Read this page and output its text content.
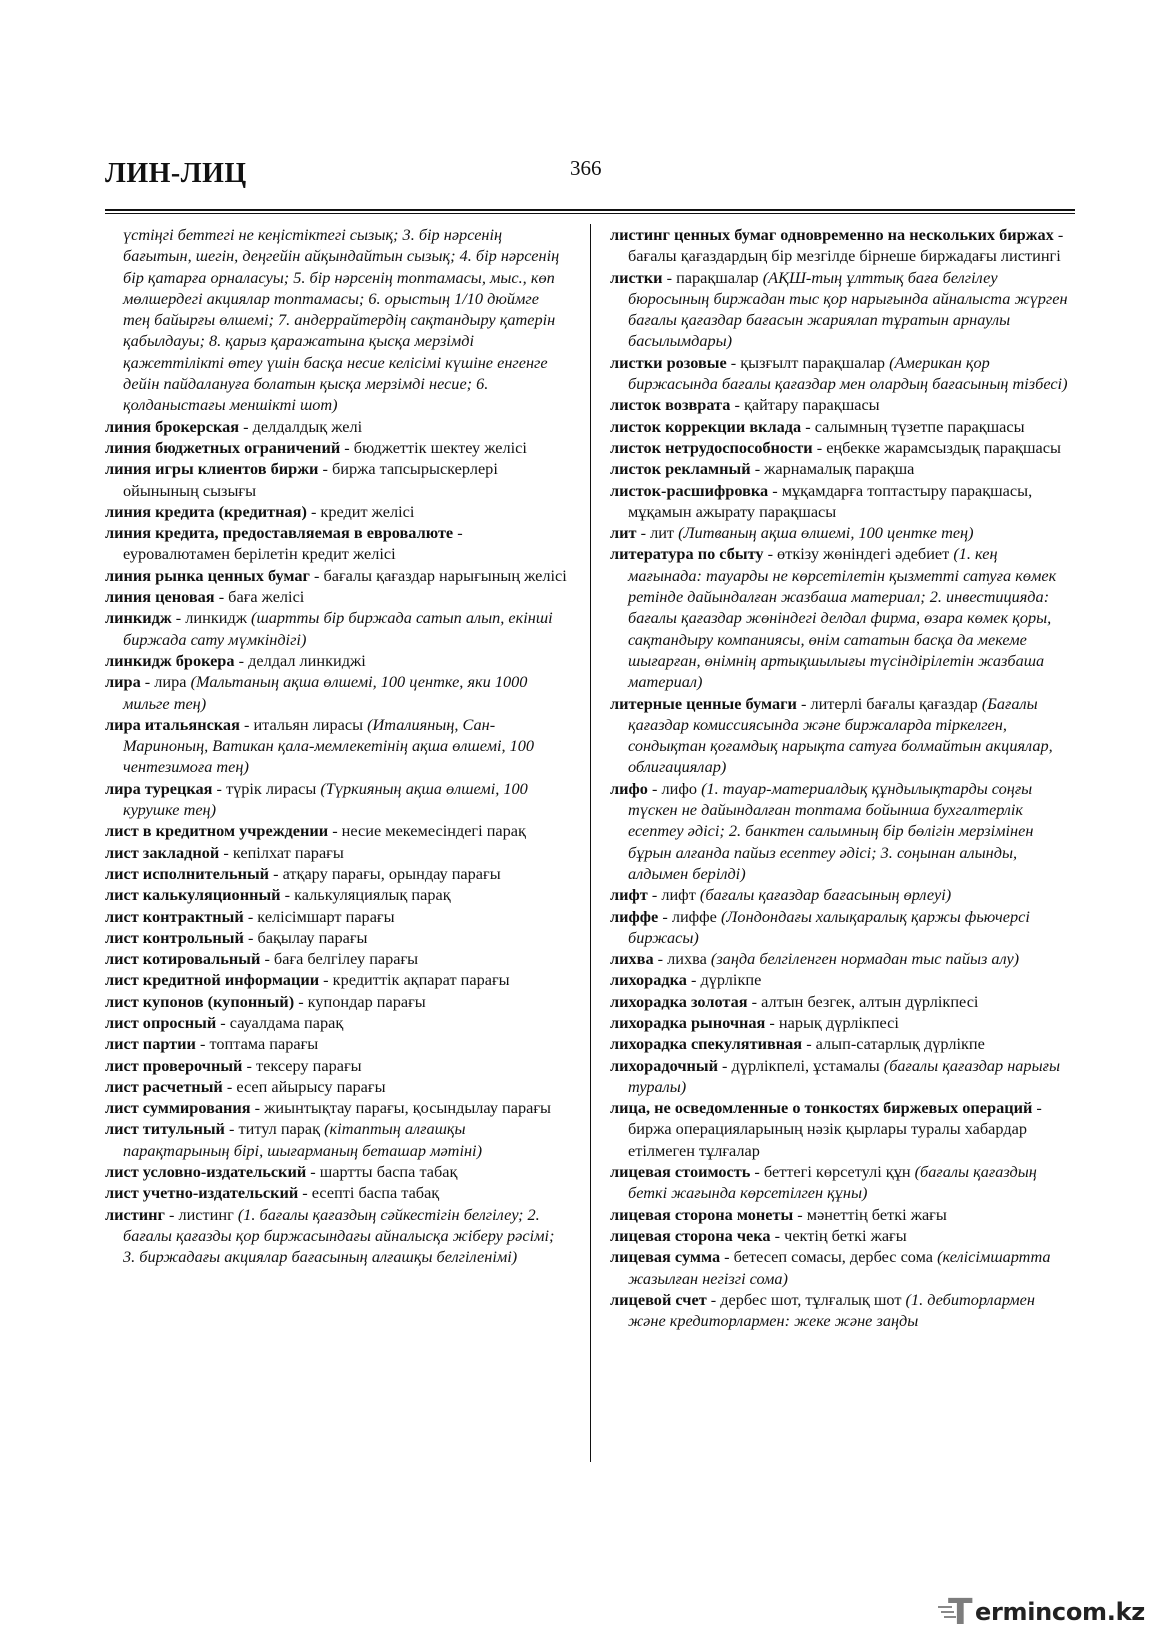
ЛИН-ЛИЦ	366

үстіңгі беттегі не кеңістіктегі сызық; 3. бір нәрсенің бағытын, шегін, деңгейін айқындайтын сызық; 4. бір нәрсенің бір қатарға орналасуы; 5. бір нәрсенің топтамасы, мыс., көп мөлшердегі акциялар топтамасы; 6. орыстың 1/10 дюймге тең байырғы өлшемі; 7. андеррайтердің сақтандыру қатерін қабылдауы; 8. қарыз қаражатына қысқа мерзімді қажеттілікті өтеу үшін басқа несие келісімі күшіне енгенге дейін пайдалануға болатын қысқа мерзімді несие; 6. қолданыстағы меншікті шот)

линия брокерская - делдалдық желі

линия бюджетных ограничений - бюджеттік шектеу желісі

линия игры клиентов биржи - биржа тапсырыскерлері ойынының сызығы

линия кредита (кредитная) - кредит желісі

линия кредита, предоставляемая в евровалюте - еуровалютамен берілетін кредит желісі

линия рынка ценных бумаг - бағалы қағаздар нарығының желісі

линия ценовая - баға желісі

линкидж - линкидж (шартты бір биржада сатып алып, екінші биржада сату мүмкіндігі)

линкидж брокера - делдал линкиджі

лира - лира (Мальтаның ақша өлшемі, 100 центке, яки 1000 мильге тең)

лира итальянская - итальян лирасы (Италияның, Сан-Мариноның, Ватикан қала-мемлекетінің ақша өлшемі, 100 чентезимоға тең)

лира турецкая - түрік лирасы (Түркияның ақша өлшемі, 100 курушке тең)

лист в кредитном учреждении - несие мекемесіндегі парақ

лист закладной - кепілхат парағы

лист исполнительный - атқару парағы, орындау парағы

лист калькуляционный - калькуляциялық парақ

лист контрактный - келісімшарт парағы

лист контрольный - бақылау парағы

лист котировальный - баға белгілеу парағы

лист кредитной информации - кредиттік ақпарат парағы

лист купонов (купонный) - купондар парағы

лист опросный - сауалдама парақ

лист партии - топтама парағы

лист проверочный - тексеру парағы

лист расчетный - есеп айырысу парағы

лист суммирования - жиынтықтау парағы, қосындылау парағы

лист титульный - титул парақ (кітаптың алғашқы парақтарының бірі, шығарманың беташар мәтіні)

лист условно-издательский - шартты баспа табақ

лист учетно-издательский - есепті баспа табақ

листинг - листинг (1. бағалы қағаздың сәйкестігін белгілеу; 2. бағалы қағазды қор биржасындағы айналысқа жіберу рәсімі; 3. биржадағы акциялар бағасының алғашқы белгіленімі)

листинг ценных бумаг одновременно на нескольких биржах - бағалы қағаздардың бір мезгілде бірнеше биржадағы листингі

листки - парақшалар (АҚШ-тың ұлттық баға белгілеу бюросының биржадан тыс қор нарығында айналыста жүрген бағалы қағаздар бағасын жариялап тұратын арнаулы басылымдары)

листки розовые - қызғылт парақшалар (Американ қор биржасында бағалы қағаздар мен олардың бағасының тізбесі)

листок возврата - қайтару парақшасы

листок коррекции вклада - салымның түзетпе парақшасы

листок нетрудоспособности - еңбекке жарамсыздық парақшасы

листок рекламный - жарнамалық парақша

листок-расшифровка - мұқамдарға топтастыру парақшасы, мұқамын ажырату парақшасы

лит - лит (Литваның ақша өлшемі, 100 центке тең)

литература по сбыту - өткізу жөніндегі әдебиет (1. кең мағынада: тауарды не көрсетілетін қызметті сатуға көмек ретінде дайындалған жазбаша материал; 2. инвестицияда: бағалы қағаздар жөніндегі делдал фирма, өзара көмек қоры, сақтандыру компаниясы, өнім сататын басқа да мекеме шығарған, өнімнің артықшылығы түсіндірілетін жазбаша материал)

литерные ценные бумаги - литерлі бағалы қағаздар (Бағалы қағаздар комиссиясында және биржаларда тіркелген, сондықтан қоғамдық нарықта сатуға болмайтын акциялар, облигациялар)

лифо - лифо (1. тауар-материалдық құндылықтарды соңғы түскен не дайындалған топтама бойынша бухгалтерлік есептеу әдісі; 2. банктен салымның бір бөлігін мерзімінен бұрын алғанда пайыз есептеу әдісі; 3. соңынан алынды, алдымен берілді)

лифт - лифт (бағалы қағаздар бағасының өрлеуі)

лиффе - лиффе (Лондондағы халықаралық қаржы фьючерсі биржасы)

лихва - лихва (заңда белгіленген нормадан тыс пайыз алу)

лихорадка - дүрлікпе

лихорадка золотая - алтын безгек, алтын дүрлікпесі

лихорадка рыночная - нарық дүрлікпесі

лихорадка спекулятивная - алып-сатарлық дүрлікпе

лихорадочный - дүрлікпелі, ұстамалы (бағалы қағаздар нарығы туралы)

лица, не осведомленные о тонкостях биржевых операций - биржа операцияларының нәзік қырлары туралы хабардар етілмеген тұлғалар

лицевая стоимость - беттегі көрсетулі құн (бағалы қағаздың беткі жағында көрсетілген құны)

лицевая сторона монеты - мәнеттің беткі жағы

лицевая сторона чека - чектің беткі жағы

лицевая сумма - бетесеп сомасы, дербес сома (келісімшартта жазылған негізгі сома)

лицевой счет - дербес шот, тұлғалық шот (1. дебиторлармен және кредиторлармен: жеке және заңды

T ermincom.kz
